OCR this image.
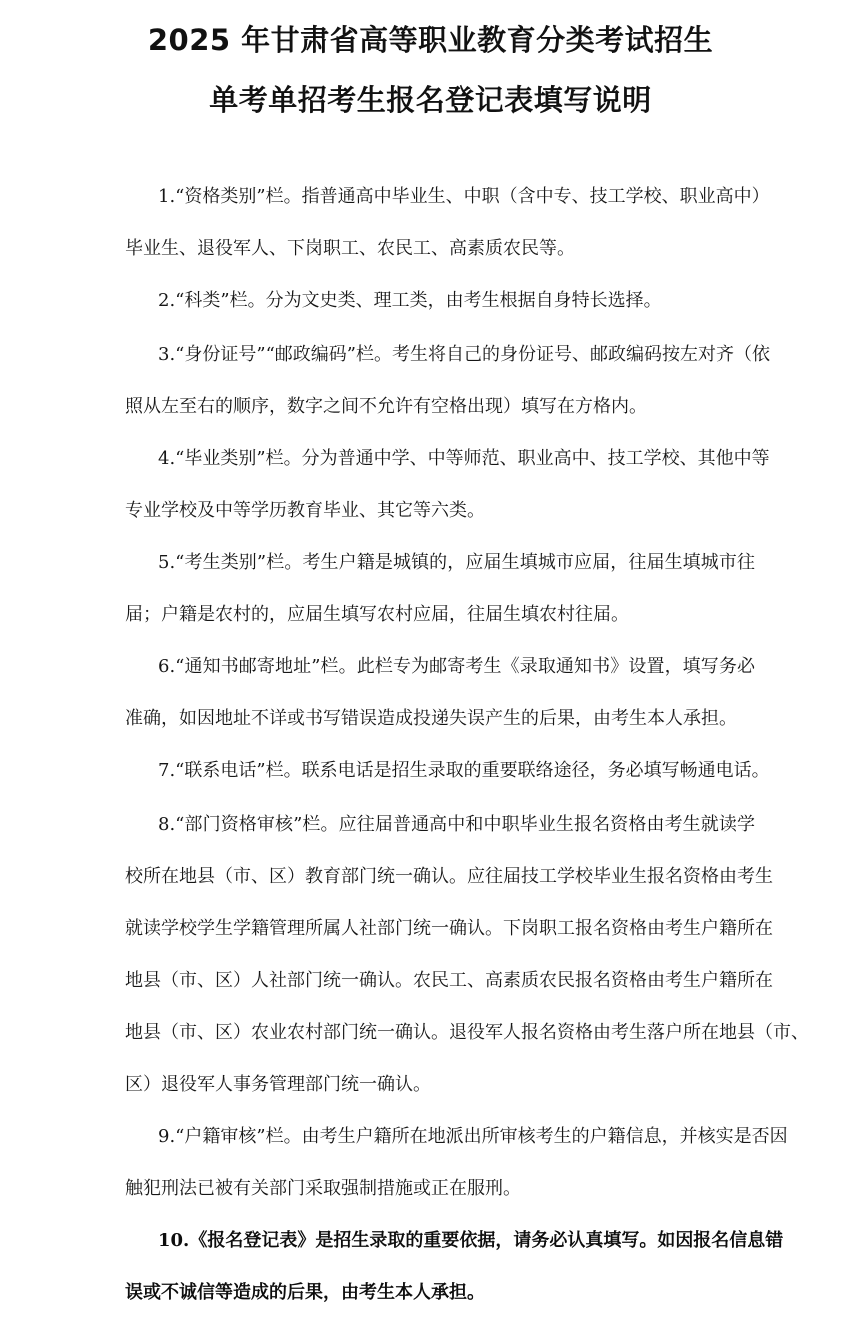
2025 年甘肃省高等职业教育分类考试招生
单考单招考生报名登记表填写说明
1.“资格类别”栏。指普通高中毕业生、中职（含中专、技工学校、职业高中）
毕业生、退役军人、下岗职工、农民工、高素质农民等。
2.“科类”栏。分为文史类、理工类，由考生根据自身特长选择。
3.“身份证号”“邮政编码”栏。考生将自己的身份证号、邮政编码按左对齐（依
照从左至右的顺序，数字之间不允许有空格出现）填写在方格内。
4.“毕业类别”栏。分为普通中学、中等师范、职业高中、技工学校、其他中等
专业学校及中等学历教育毕业、其它等六类。
5.“考生类别”栏。考生户籍是城镇的，应届生填城市应届，往届生填城市往
届；户籍是农村的，应届生填写农村应届，往届生填农村往届。
6.“通知书邮寄地址”栏。此栏专为邮寄考生《录取通知书》设置，填写务必
准确，如因地址不详或书写错误造成投递失误产生的后果，由考生本人承担。
7.“联系电话”栏。联系电话是招生录取的重要联络途径，务必填写畅通电话。
8.“部门资格审核”栏。应往届普通高中和中职毕业生报名资格由考生就读学
校所在地县（市、区）教育部门统一确认。应往届技工学校毕业生报名资格由考生
就读学校学生学籍管理所属人社部门统一确认。下岗职工报名资格由考生户籍所在
地县（市、区）人社部门统一确认。农民工、高素质农民报名资格由考生户籍所在
地县（市、区）农业农村部门统一确认。退役军人报名资格由考生落户所在地县（市、
区）退役军人事务管理部门统一确认。
9.“户籍审核”栏。由考生户籍所在地派出所审核考生的户籍信息，并核实是否因
触犯刑法已被有关部门采取强制措施或正在服刑。
10.《报名登记表》是招生录取的重要依据，请务必认真填写。如因报名信息错
误或不诚信等造成的后果，由考生本人承担。
